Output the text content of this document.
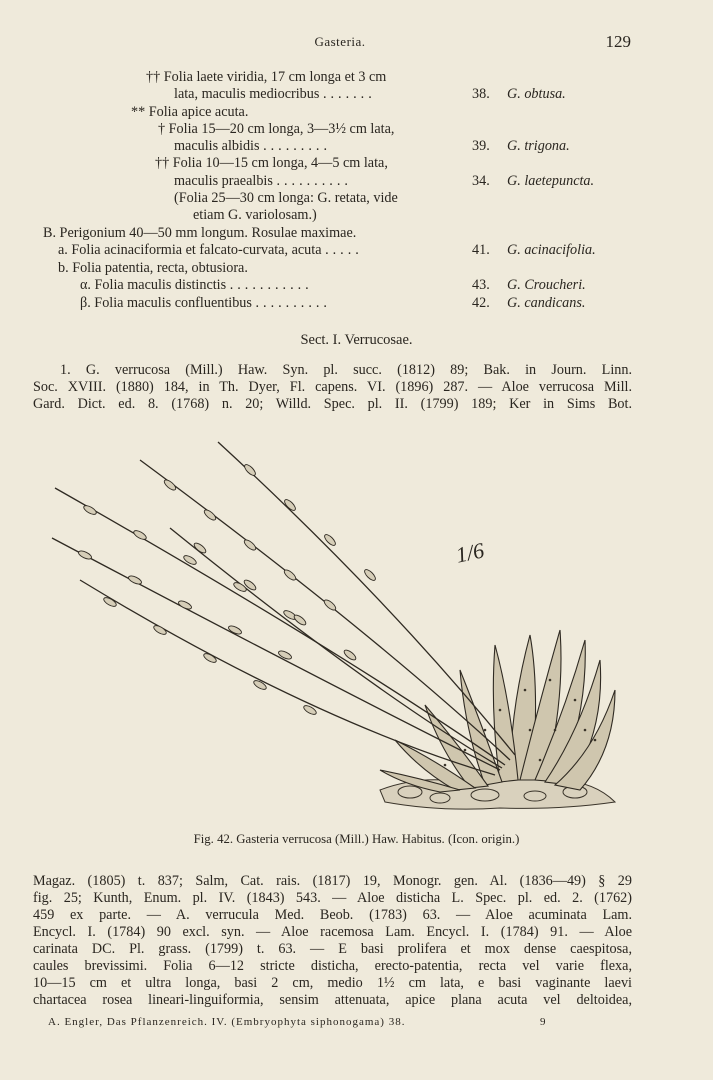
Gasteria.	129
†† Folia laete viridia, 17 cm longa et 3 cm
lata, maculis mediocribus .......	38. G. obtusa.
** Folia apice acuta.
† Folia 15—20 cm longa, 3—3½ cm lata,
maculis albidis .........	39. G. trigona.
†† Folia 10—15 cm longa, 4—5 cm lata,
maculis praealbis ..........	34. G. laetepuncta.
(Folia 25—30 cm longa: G. retata, vide
etiam G. variolosam.)
B. Perigonium 40—50 mm longum. Rosulae maximae.
a. Folia acinaciformia et falcato-curvata, acuta .....	41. G. acinacifolia.
b. Folia patentia, recta, obtusiora.
α. Folia maculis distinctis ...........	43. G. Croucheri.
β. Folia maculis confluentibus ..........	42. G. candicans.
Sect. I. Verrucosae.
1. G. verrucosa (Mill.) Haw. Syn. pl. succ. (1812) 89; Bak. in Journ. Linn.
Soc. XVIII. (1880) 184, in Th. Dyer, Fl. capens. VI. (1896) 287. — Aloe verrucosa Mill.
Gard. Dict. ed. 8. (1768) n. 20; Willd. Spec. pl. II. (1799) 189; Ker in Sims Bot.
1/6
Fig. 42. Gasteria verrucosa (Mill.) Haw. Habitus. (Icon. origin.)
Magaz. (1805) t. 837; Salm, Cat. rais. (1817) 19, Monogr. gen. Al. (1836—49) § 29
fig. 25; Kunth, Enum. pl. IV. (1843) 543. — Aloe disticha L. Spec. pl. ed. 2. (1762)
459 ex parte. — A. verrucula Med. Beob. (1783) 63. — Aloe acuminata Lam.
Encycl. I. (1784) 90 excl. syn. — Aloe racemosa Lam. Encycl. I. (1784) 91. — Aloe
carinata DC. Pl. grass. (1799) t. 63. — E basi prolifera et mox dense caespitosa,
caules brevissimi. Folia 6—12 stricte disticha, erecto-patentia, recta vel varie flexa,
10—15 cm et ultra longa, basi 2 cm, medio 1½ cm lata, e basi vaginante laevi
chartacea rosea lineari-linguiformia, sensim attenuata, apice plana acuta vel deltoidea,
A. Engler, Das Pflanzenreich. IV. (Embryophyta siphonogama) 38.	9
